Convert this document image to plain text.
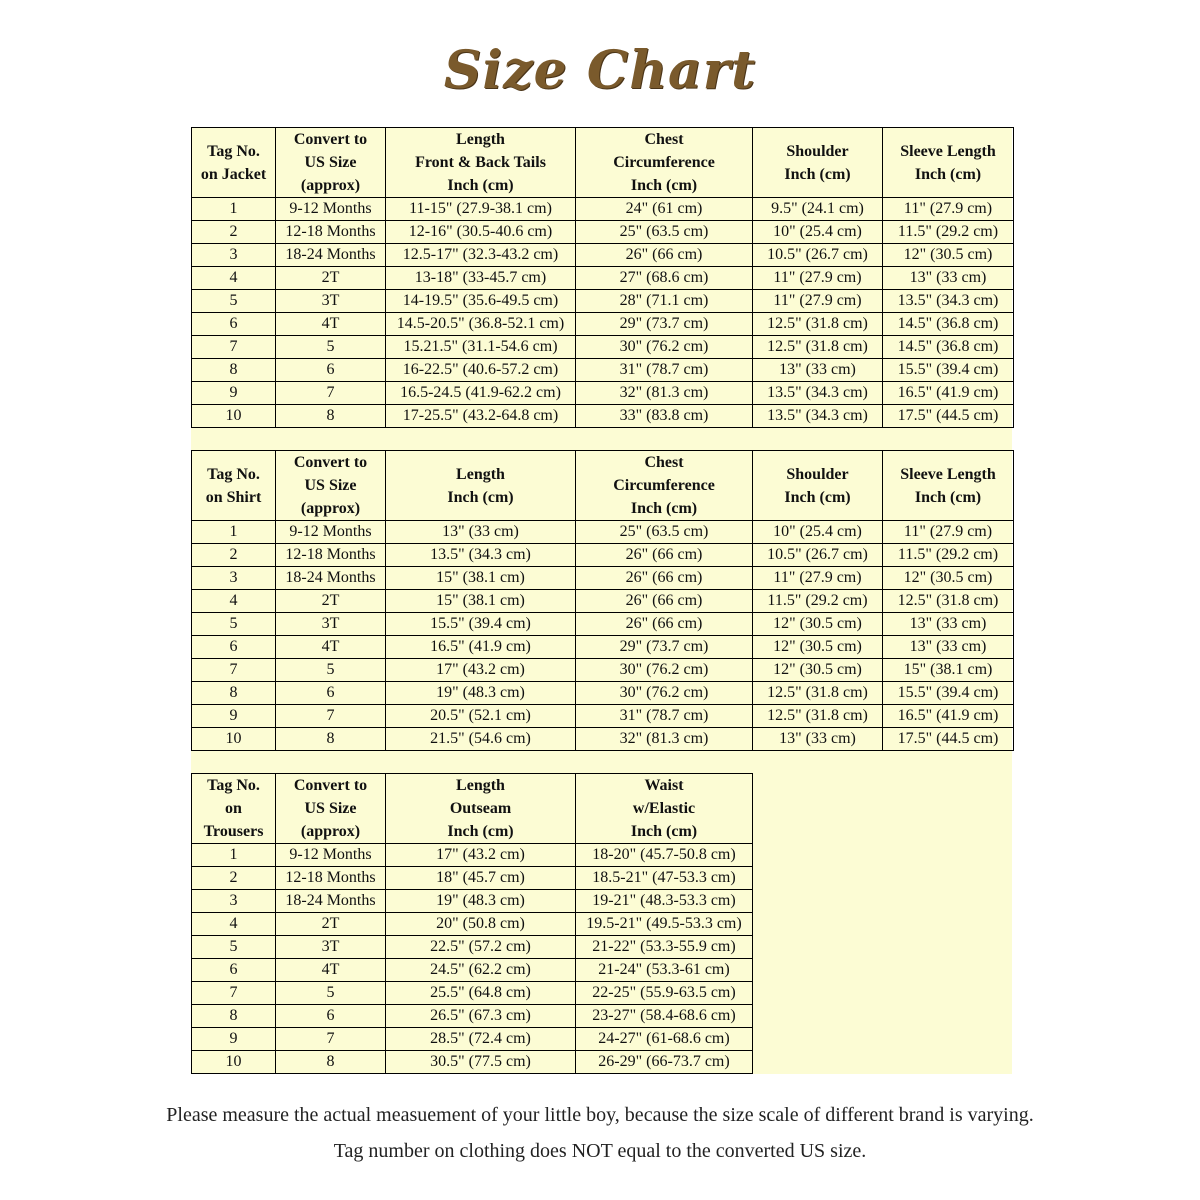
Size Chart
Tag No.
on Jacket	Convert to
US Size
(approx)	Length
Front & Back Tails
Inch (cm)	Chest
Circumference
Inch (cm)	Shoulder
Inch (cm)	Sleeve Length
Inch (cm)

1	9-12 Months	11-15" (27.9-38.1 cm)	24" (61 cm)	9.5" (24.1 cm)	11" (27.9 cm)
2	12-18 Months	12-16" (30.5-40.6 cm)	25" (63.5 cm)	10" (25.4 cm)	11.5" (29.2 cm)
3	18-24 Months	12.5-17" (32.3-43.2 cm)	26" (66 cm)	10.5" (26.7 cm)	12" (30.5 cm)
4	2T	13-18" (33-45.7 cm)	27" (68.6 cm)	11" (27.9 cm)	13" (33 cm)
5	3T	14-19.5" (35.6-49.5 cm)	28" (71.1 cm)	11" (27.9 cm)	13.5" (34.3 cm)
6	4T	14.5-20.5" (36.8-52.1 cm)	29" (73.7 cm)	12.5" (31.8 cm)	14.5" (36.8 cm)
7	5	15.21.5" (31.1-54.6 cm)	30" (76.2 cm)	12.5" (31.8 cm)	14.5" (36.8 cm)
8	6	16-22.5" (40.6-57.2 cm)	31" (78.7 cm)	13" (33 cm)	15.5" (39.4 cm)
9	7	16.5-24.5 (41.9-62.2 cm)	32" (81.3 cm)	13.5" (34.3 cm)	16.5" (41.9 cm)
10	8	17-25.5" (43.2-64.8 cm)	33" (83.8 cm)	13.5" (34.3 cm)	17.5" (44.5 cm)
Tag No.
on Shirt	Convert to
US Size
(approx)	Length
Inch (cm)	Chest
Circumference
Inch (cm)	Shoulder
Inch (cm)	Sleeve Length
Inch (cm)

1	9-12 Months	13" (33 cm)	25" (63.5 cm)	10" (25.4 cm)	11" (27.9 cm)
2	12-18 Months	13.5" (34.3 cm)	26" (66 cm)	10.5" (26.7 cm)	11.5" (29.2 cm)
3	18-24 Months	15" (38.1 cm)	26" (66 cm)	11" (27.9 cm)	12" (30.5 cm)
4	2T	15" (38.1 cm)	26" (66 cm)	11.5" (29.2 cm)	12.5" (31.8 cm)
5	3T	15.5" (39.4 cm)	26" (66 cm)	12" (30.5 cm)	13" (33 cm)
6	4T	16.5" (41.9 cm)	29" (73.7 cm)	12" (30.5 cm)	13" (33 cm)
7	5	17" (43.2 cm)	30" (76.2 cm)	12" (30.5 cm)	15" (38.1 cm)
8	6	19" (48.3 cm)	30" (76.2 cm)	12.5" (31.8 cm)	15.5" (39.4 cm)
9	7	20.5" (52.1 cm)	31" (78.7 cm)	12.5" (31.8 cm)	16.5" (41.9 cm)
10	8	21.5" (54.6 cm)	32" (81.3 cm)	13" (33 cm)	17.5" (44.5 cm)
Tag No.
on
Trousers	Convert to
US Size
(approx)	Length
Outseam
Inch (cm)	Waist
w/Elastic
Inch (cm)

1	9-12 Months	17" (43.2 cm)	18-20" (45.7-50.8 cm)
2	12-18 Months	18" (45.7 cm)	18.5-21" (47-53.3 cm)
3	18-24 Months	19" (48.3 cm)	19-21" (48.3-53.3 cm)
4	2T	20" (50.8 cm)	19.5-21" (49.5-53.3 cm)
5	3T	22.5" (57.2 cm)	21-22" (53.3-55.9 cm)
6	4T	24.5" (62.2 cm)	21-24" (53.3-61 cm)
7	5	25.5" (64.8 cm)	22-25" (55.9-63.5 cm)
8	6	26.5" (67.3 cm)	23-27" (58.4-68.6 cm)
9	7	28.5" (72.4 cm)	24-27" (61-68.6 cm)
10	8	30.5" (77.5 cm)	26-29" (66-73.7 cm)
Please measure the actual measuement of your little boy, because the size scale of different brand is varying.
Tag number on clothing does NOT equal to the converted US size.
